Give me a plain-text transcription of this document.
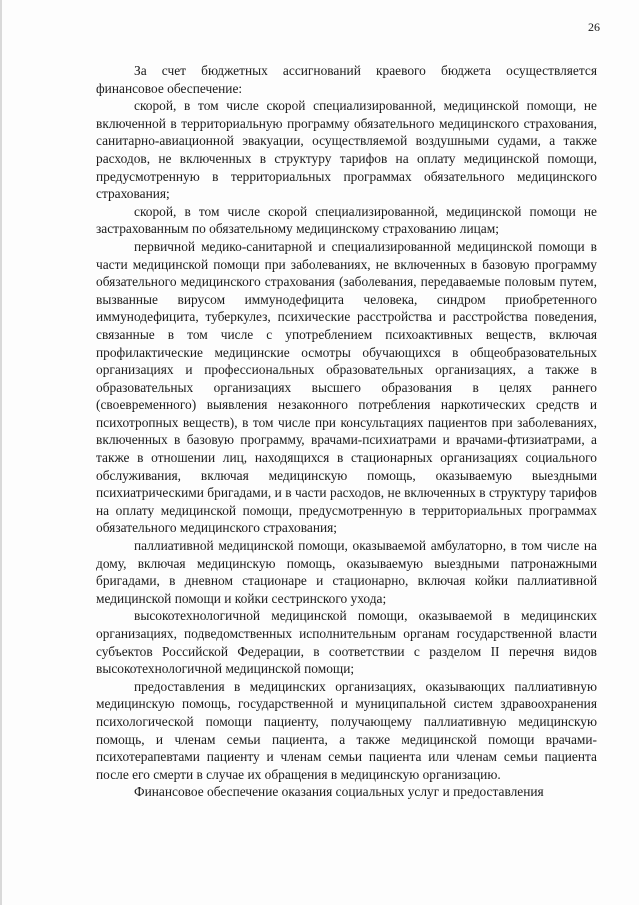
26

За счет бюджетных ассигнований краевого бюджета осуществляется финансовое обеспечение:

скорой, в том числе скорой специализированной, медицинской помощи, не включенной в территориальную программу обязательного медицинского страхования, санитарно-авиационной эвакуации, осуществляемой воздушными судами, а также расходов, не включенных в структуру тарифов на оплату медицинской помощи, предусмотренную в территориальных программах обязательного медицинского страхования;

скорой, в том числе скорой специализированной, медицинской помощи не застрахованным по обязательному медицинскому страхованию лицам;

первичной медико-санитарной и специализированной медицинской помощи в части медицинской помощи при заболеваниях, не включенных в базовую программу обязательного медицинского страхования (заболевания, передаваемые половым путем, вызванные вирусом иммунодефицита человека, синдром приобретенного иммунодефицита, туберкулез, психические расстройства и расстройства поведения, связанные в том числе с употреблением психоактивных веществ, включая профилактические медицинские осмотры обучающихся в общеобразовательных организациях и профессиональных образовательных организациях, а также в образовательных организациях высшего образования в целях раннего (своевременного) выявления незаконного потребления наркотических средств и психотропных веществ), в том числе при консультациях пациентов при заболеваниях, включенных в базовую программу, врачами-психиатрами и врачами-фтизиатрами, а также в отношении лиц, находящихся в стационарных организациях социального обслуживания, включая медицинскую помощь, оказываемую выездными психиатрическими бригадами, и в части расходов, не включенных в структуру тарифов на оплату медицинской помощи, предусмотренную в территориальных программах обязательного медицинского страхования;

паллиативной медицинской помощи, оказываемой амбулаторно, в том числе на дому, включая медицинскую помощь, оказываемую выездными патронажными бригадами, в дневном стационаре и стационарно, включая койки паллиативной медицинской помощи и койки сестринского ухода;

высокотехнологичной медицинской помощи, оказываемой в медицинских организациях, подведомственных исполнительным органам государственной власти субъектов Российской Федерации, в соответствии с разделом II перечня видов высокотехнологичной медицинской помощи;

предоставления в медицинских организациях, оказывающих паллиативную медицинскую помощь, государственной и муниципальной систем здравоохранения психологической помощи пациенту, получающему паллиативную медицинскую помощь, и членам семьи пациента, а также медицинской помощи врачами-психотерапевтами пациенту и членам семьи пациента или членам семьи пациента после его смерти в случае их обращения в медицинскую организацию.

Финансовое обеспечение оказания социальных услуг и предоставления
